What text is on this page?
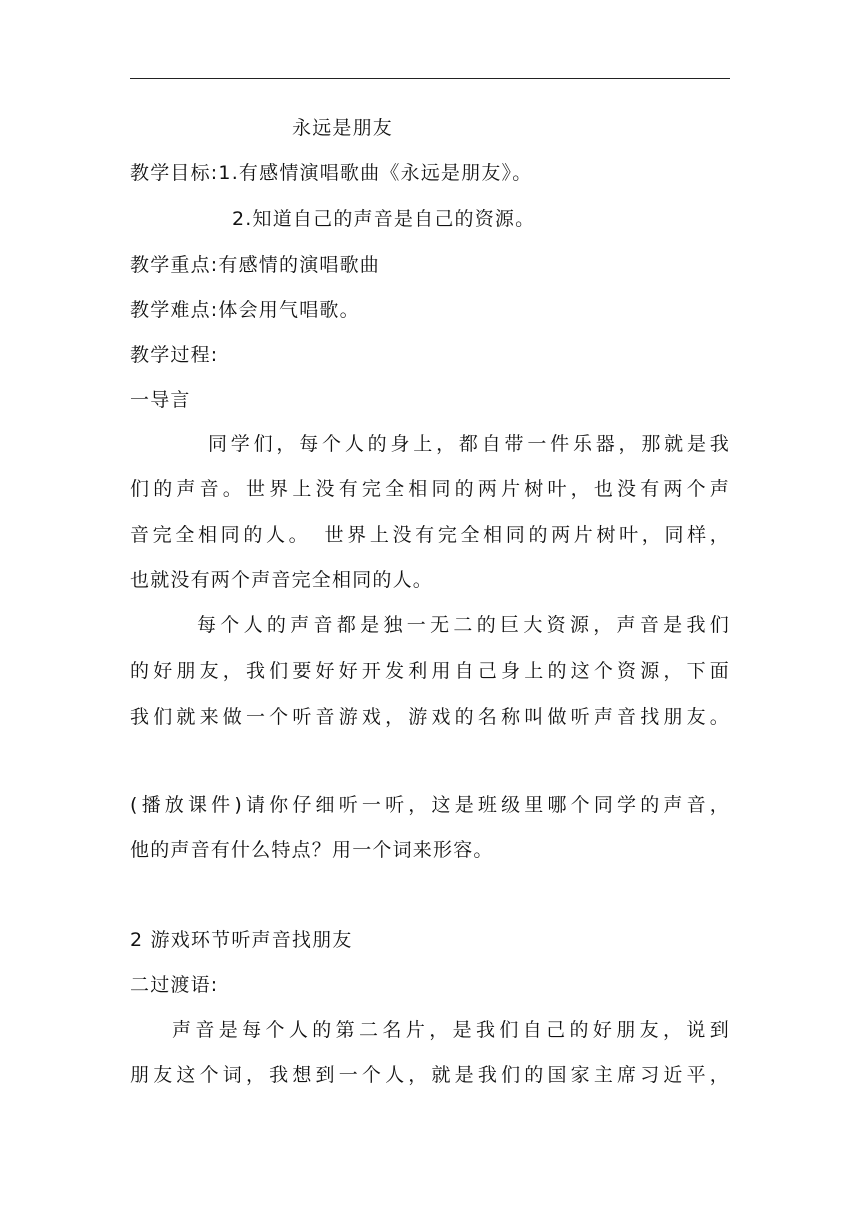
永远是朋友
教学目标:1.有感情演唱歌曲《永远是朋友》。
2.知道自己的声音是自己的资源。
教学重点:有感情的演唱歌曲
教学难点:体会用气唱歌。
教学过程:
一导言
同学们，每个人的身上，都自带一件乐器，那就是我
们的声音。世界上没有完全相同的两片树叶，也没有两个声
音完全相同的人。　世界上没有完全相同的两片树叶，同样，
也就没有两个声音完全相同的人。
每个人的声音都是独一无二的巨大资源，声音是我们
的好朋友，我们要好好开发利用自己身上的这个资源，下面
我们就来做一个听音游戏，游戏的名称叫做听声音找朋友。
(播放课件)请你仔细听一听，这是班级里哪个同学的声音，
他的声音有什么特点？用一个词来形容。
2 游戏环节听声音找朋友
二过渡语:
声音是每个人的第二名片，是我们自己的好朋友，说到
朋友这个词，我想到一个人，就是我们的国家主席习近平，
